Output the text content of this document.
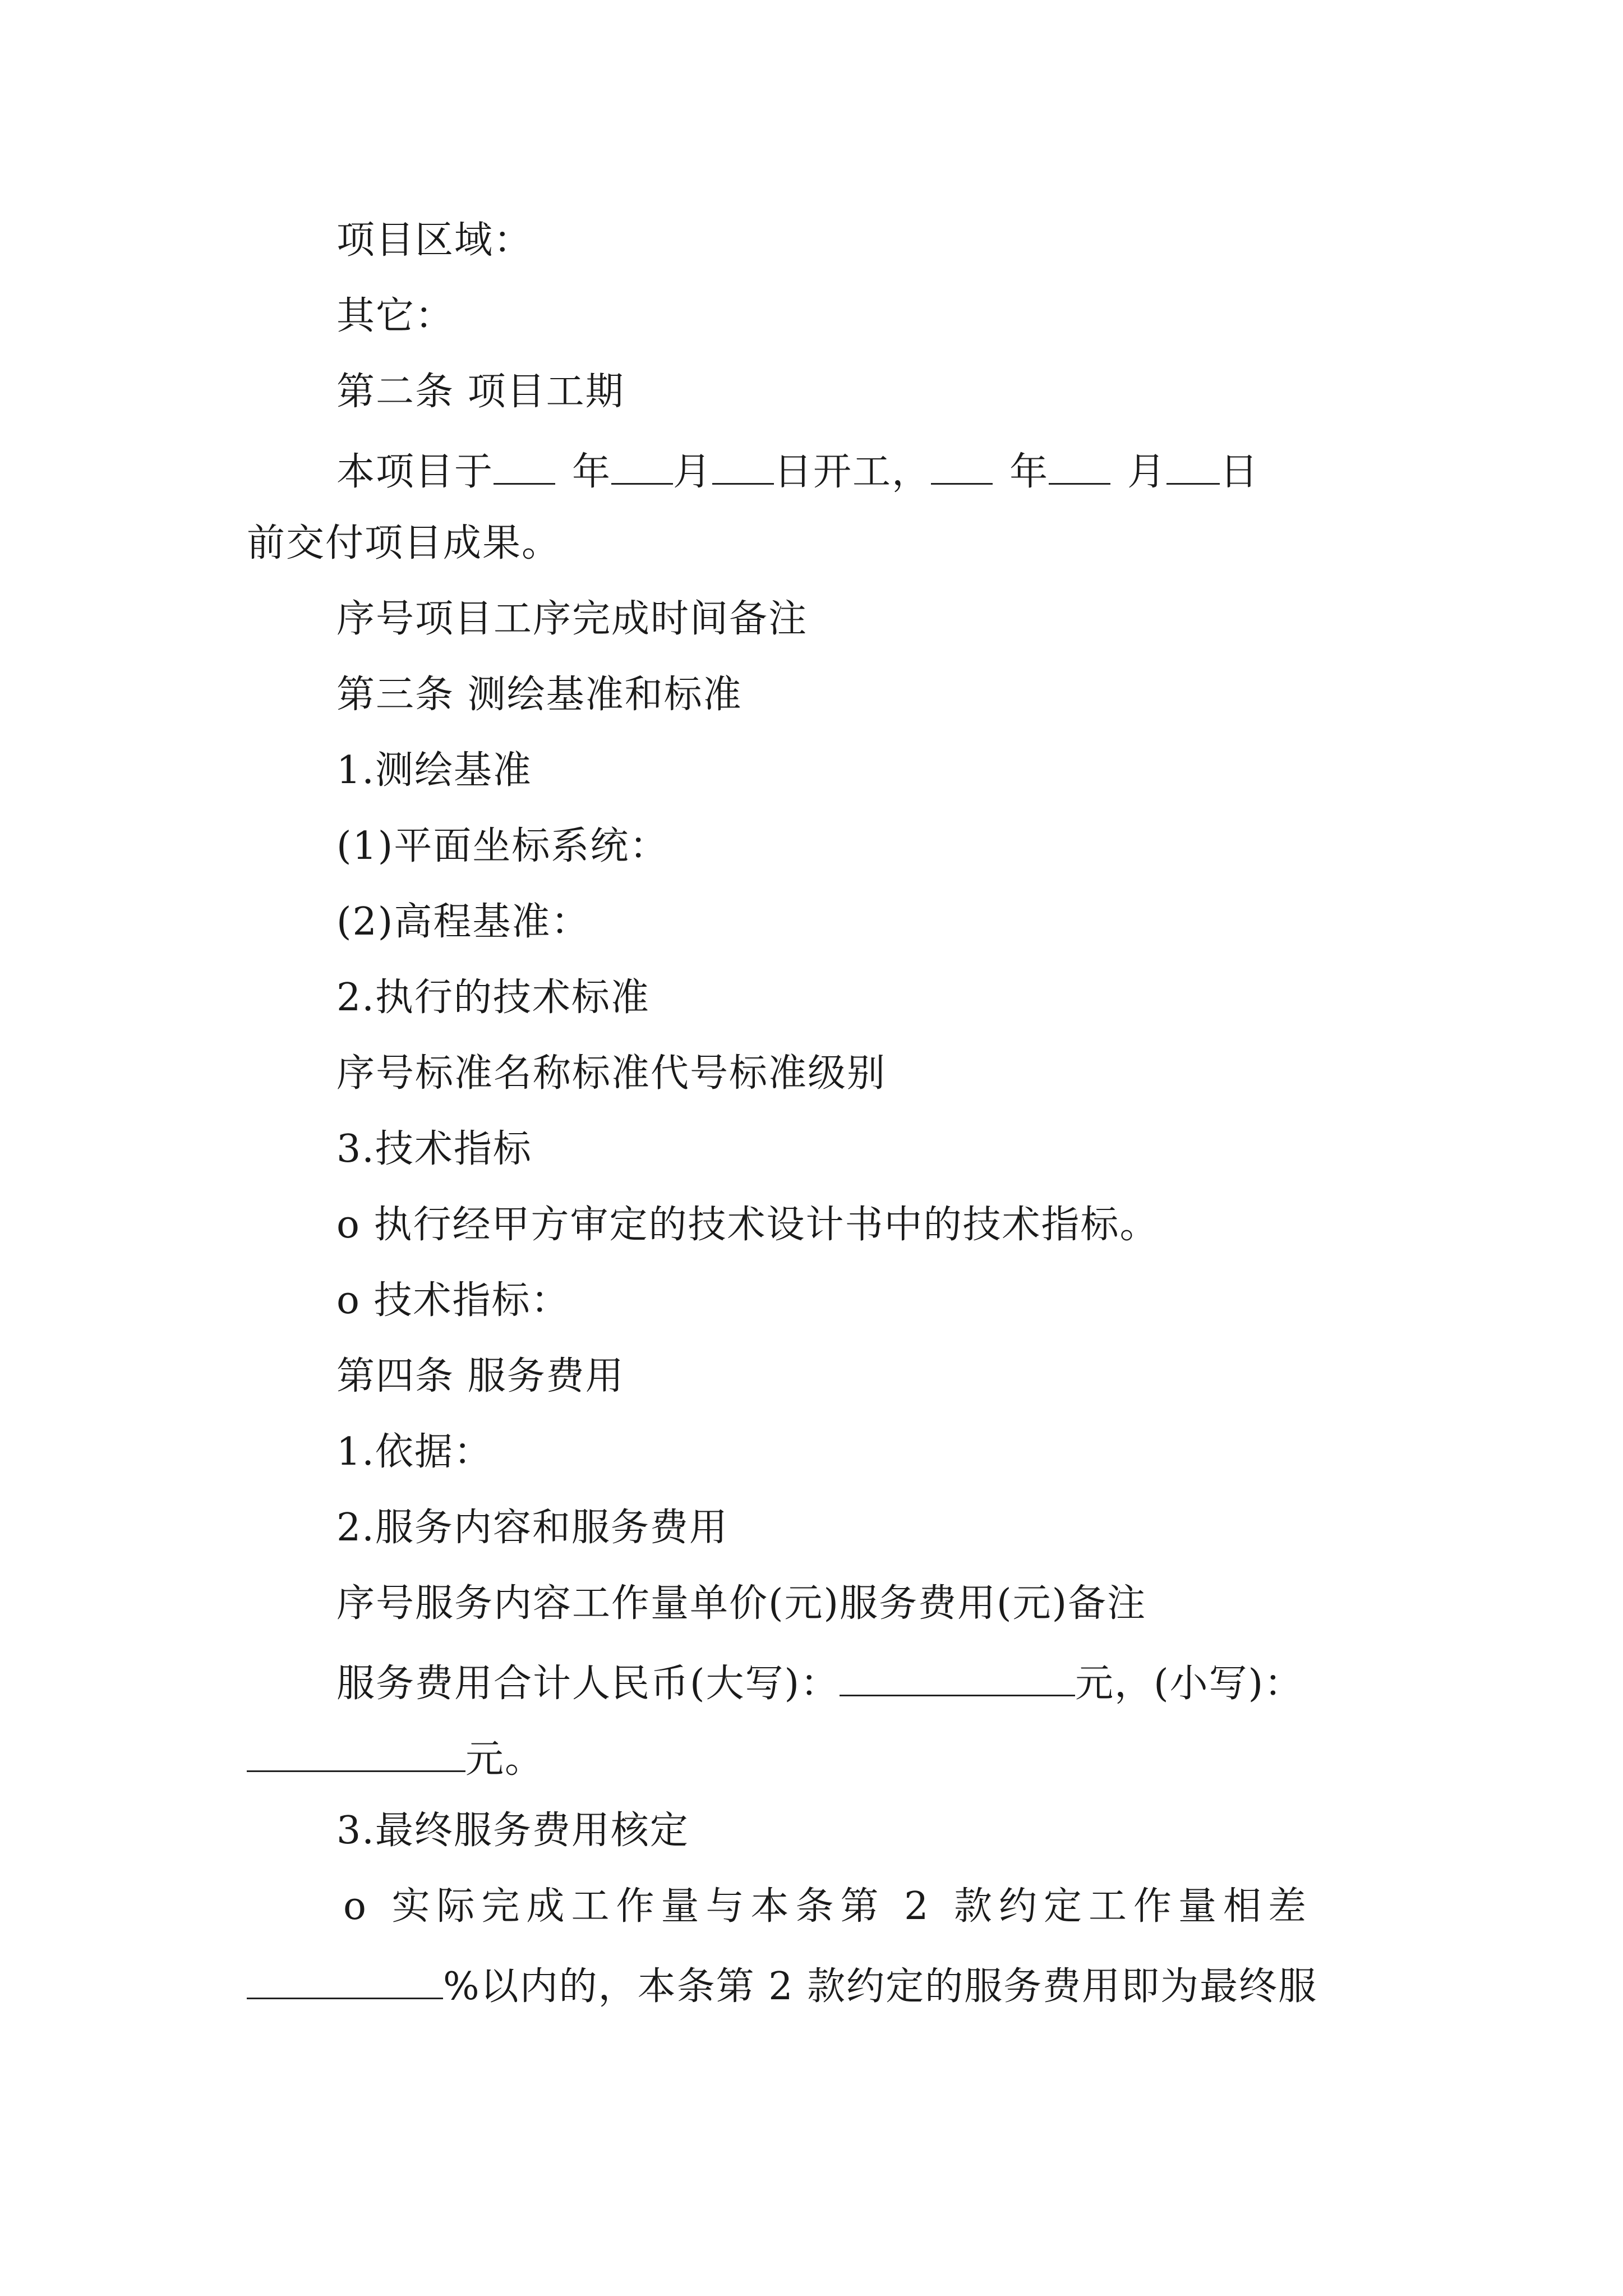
项目区域：
其它：
第二条 项目工期
本项目于 年 月 日开工， 年 月 日
前交付项目成果。
序号项目工序完成时间备注
第三条 测绘基准和标准
1.测绘基准
(1)平面坐标系统：
(2)高程基准：
2.执行的技术标准
序号标准名称标准代号标准级别
3.技术指标
o 执行经甲方审定的技术设计书中的技术指标。
o 技术指标：
第四条 服务费用
1.依据：
2.服务内容和服务费用
序号服务内容工作量单价(元)服务费用(元)备注
服务费用合计人民币(大写)：	元，(小写)：
元。
3.最终服务费用核定
o 实际完成工作量与本条第 2 款约定工作量相差
%以内的，本条第 2 款约定的服务费用即为最终服
